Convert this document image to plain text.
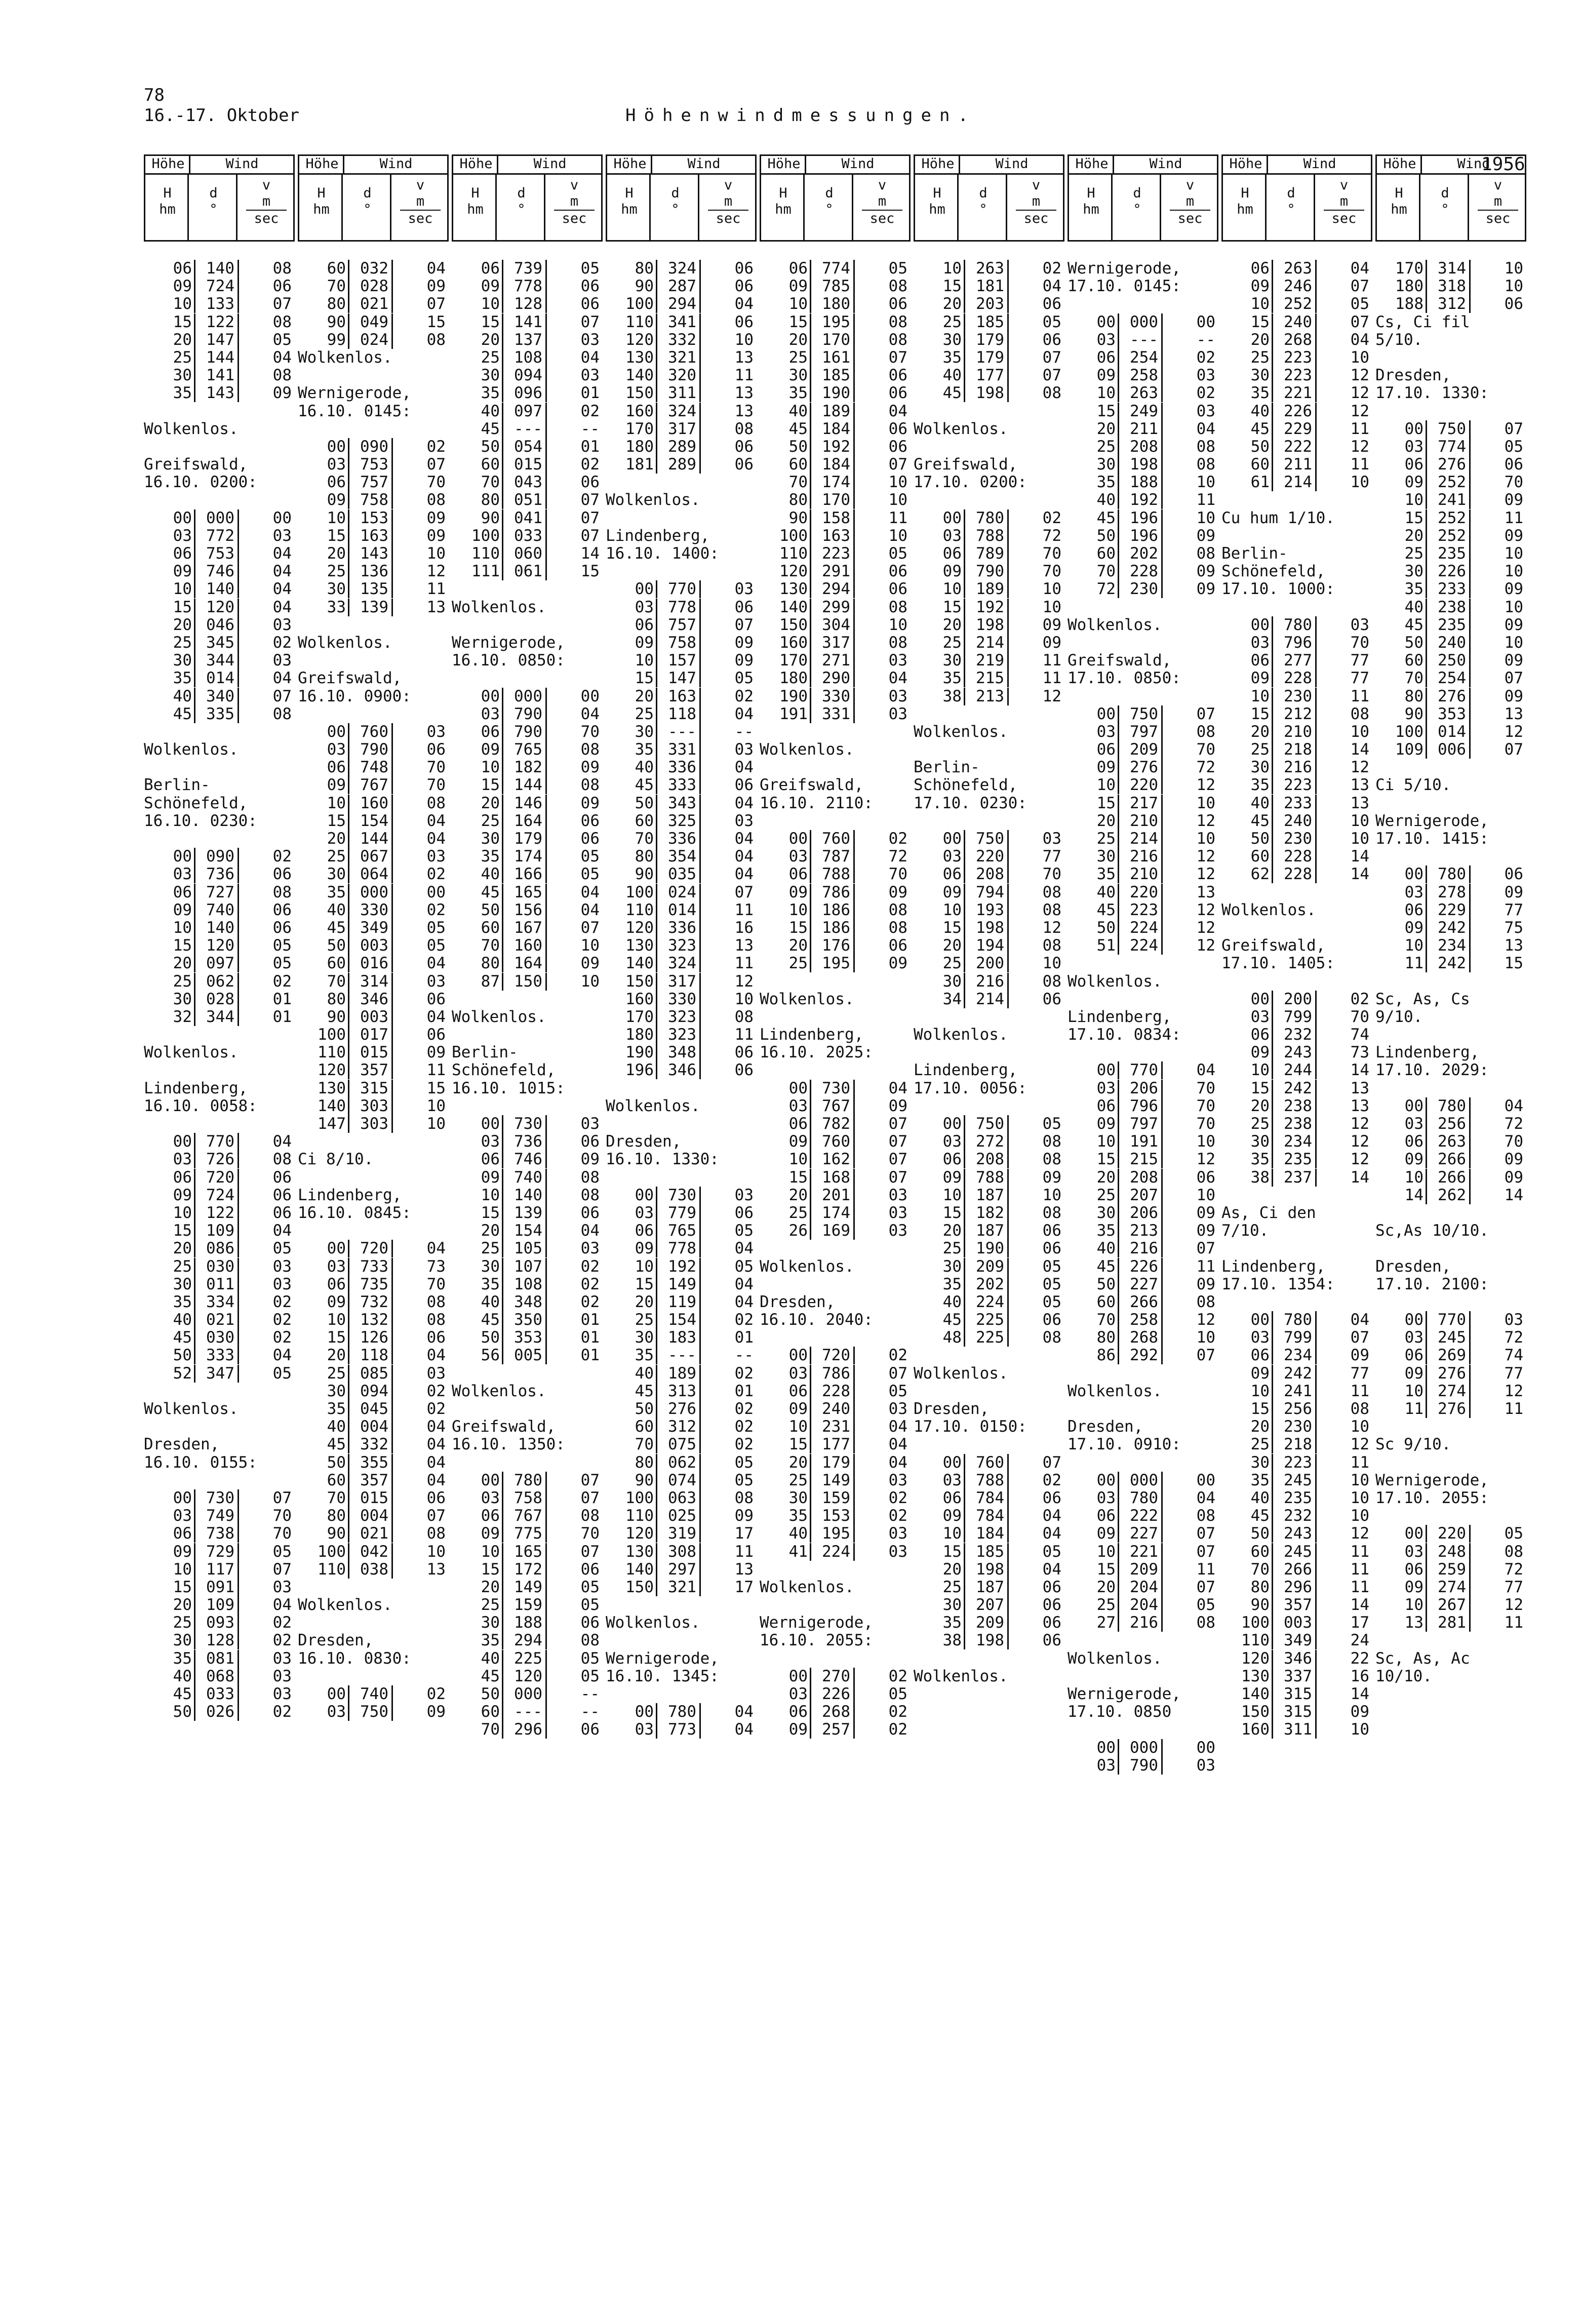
78
16.-17. Oktober	Höhenwindmessungen.
1956
Höhe	Wind
H
hm
d
°
v
m
sec
06 140	08
09 724	06
10 133	07
15 122	08
20 147	05
25 144	04
30 141	08
35 143	09
Wolkenlos.
Greifswald,
16.10. 0200:
00 000	00
03 772	03
06 753	04
09 746	04
10 140	04
15 120	04
20 046	03
25 345	02
30 344	03
35 014	04
40 340	07
45 335	08
Wolkenlos.
Berlin-
Schönefeld,
16.10. 0230:
00 090	02
03 736	06
06 727	08
09 740	06
10 140	06
15 120	05
20 097	05
25 062	02
30 028	01
32 344	01
Wolkenlos.
Lindenberg,
16.10. 0058:
00 770	04
03 726	08
06 720	06
09 724	06
10 122	06
15 109	04
20 086	05
25 030	03
30 011	03
35 334	02
40 021	02
45 030	02
50 333	04
52 347	05
Wolkenlos.
Dresden,
16.10. 0155:
00 730	07
03 749	70
06 738	70
09 729	05
10 117	07
15 091	03
20 109	04
25 093	02
30 128	02
35 081	03
40 068	03
45 033	03
50 026	02
Höhe	Wind
H
hm
d
°
v
m
sec
60 032	04
70 028	09
80 021	07
90 049	15
99 024	08
Wolkenlos.
Wernigerode,
16.10. 0145:
00 090	02
03 753	07
06 757	70
09 758	08
10 153	09
15 163	09
20 143	10
25 136	12
30 135	11
33 139	13
Wolkenlos.
Greifswald,
16.10. 0900:
00 760	03
03 790	06
06 748	70
09 767	70
10 160	08
15 154	04
20 144	04
25 067	03
30 064	02
35 000	00
40 330	02
45 349	05
50 003	05
60 016	04
70 314	03
80 346	06
90 003	04
100 017	06
110 015	09
120 357	11
130 315	15
140 303	10
147 303	10
Ci 8/10.
Lindenberg,
16.10. 0845:
00 720	04
03 733	73
06 735	70
09 732	08
10 132	08
15 126	06
20 118	04
25 085	03
30 094	02
35 045	02
40 004	04
45 332	04
50 355	04
60 357	04
70 015	06
80 004	07
90 021	08
100 042	10
110 038	13
Wolkenlos.
Dresden,
16.10. 0830:
00 740	02
03 750	09
Höhe	Wind
H
hm
d
°
v
m
sec
06 739	05
09 778	06
10 128	06
15 141	07
20 137	03
25 108	04
30 094	03
35 096	01
40 097	02
45 ---	--
50 054	01
60 015	02
70 043	06
80 051	07
90 041	07
100 033	07
110 060	14
111 061	15
Wolkenlos.
Wernigerode,
16.10. 0850:
00 000	00
03 790	04
06 790	70
09 765	08
10 182	09
15 144	08
20 146	09
25 164	06
30 179	06
35 174	05
40 166	05
45 165	04
50 156	04
60 167	07
70 160	10
80 164	09
87 150	10
Wolkenlos.
Berlin-
Schönefeld,
16.10. 1015:
00 730	03
03 736	06
06 746	09
09 740	08
10 140	08
15 139	06
20 154	04
25 105	03
30 107	02
35 108	02
40 348	02
45 350	01
50 353	01
56 005	01
Wolkenlos.
Greifswald,
16.10. 1350:
00 780	07
03 758	07
06 767	08
09 775	70
10 165	07
15 172	06
20 149	05
25 159	05
30 188	06
35 294	08
40 225	05
45 120	05
50 000	--
60 ---	--
70 296	06
Höhe	Wind
H
hm
d
°
v
m
sec
80 324	06
90 287	06
100 294	04
110 341	06
120 332	10
130 321	13
140 320	11
150 311	13
160 324	13
170 317	08
180 289	06
181 289	06
Wolkenlos.
Lindenberg,
16.10. 1400:
00 770	03
03 778	06
06 757	07
09 758	09
10 157	09
15 147	05
20 163	02
25 118	04
30 ---	--
35 331	03
40 336	04
45 333	06
50 343	04
60 325	03
70 336	04
80 354	04
90 035	04
100 024	07
110 014	11
120 336	16
130 323	13
140 324	11
150 317	12
160 330	10
170 323	08
180 323	11
190 348	06
196 346	06
Wolkenlos.
Dresden,
16.10. 1330:
00 730	03
03 779	06
06 765	05
09 778	04
10 192	05
15 149	04
20 119	04
25 154	02
30 183	01
35 ---	--
40 189	02
45 313	01
50 276	02
60 312	02
70 075	02
80 062	05
90 074	05
100 063	08
110 025	09
120 319	17
130 308	11
140 297	13
150 321	17
Wolkenlos.
Wernigerode,
16.10. 1345:
00 780	04
03 773	04
Höhe	Wind
H
hm
d
°
v
m
sec
06 774	05
09 785	08
10 180	06
15 195	08
20 170	08
25 161	07
30 185	06
35 190	06
40 189	04
45 184	06
50 192	06
60 184	07
70 174	10
80 170	10
90 158	11
100 163	10
110 223	05
120 291	06
130 294	06
140 299	08
150 304	10
160 317	08
170 271	03
180 290	04
190 330	03
191 331	03
Wolkenlos.
Greifswald,
16.10. 2110:
00 760	02
03 787	72
06 788	70
09 786	09
10 186	08
15 186	08
20 176	06
25 195	09
Wolkenlos.
Lindenberg,
16.10. 2025:
00 730	04
03 767	09
06 782	07
09 760	07
10 162	07
15 168	07
20 201	03
25 174	03
26 169	03
Wolkenlos.
Dresden,
16.10. 2040:
00 720	02
03 786	07
06 228	05
09 240	03
10 231	04
15 177	04
20 179	04
25 149	03
30 159	02
35 153	02
40 195	03
41 224	03
Wolkenlos.
Wernigerode,
16.10. 2055:
00 270	02
03 226	05
06 268	02
09 257	02
Höhe	Wind
H
hm
d
°
v
m
sec
10 263	02
15 181	04
20 203	06
25 185	05
30 179	06
35 179	07
40 177	07
45 198	08
Wolkenlos.
Greifswald,
17.10. 0200:
00 780	02
03 788	72
06 789	70
09 790	70
10 189	10
15 192	10
20 198	09
25 214	09
30 219	11
35 215	11
38 213	12
Wolkenlos.
Berlin-
Schönefeld,
17.10. 0230:
00 750	03
03 220	77
06 208	70
09 794	08
10 193	08
15 198	12
20 194	08
25 200	10
30 216	08
34 214	06
Wolkenlos.
Lindenberg,
17.10. 0056:
00 750	05
03 272	08
06 208	08
09 788	09
10 187	10
15 182	08
20 187	06
25 190	06
30 209	05
35 202	05
40 224	05
45 225	06
48 225	08
Wolkenlos.
Dresden,
17.10. 0150:
00 760	07
03 788	02
06 784	06
09 784	04
10 184	04
15 185	05
20 198	04
25 187	06
30 207	06
35 209	06
38 198	06
Wolkenlos.
Höhe	Wind
H
hm
d
°
v
m
sec
Wernigerode,
17.10. 0145:
00 000	00
03 ---	--
06 254	02
09 258	03
10 263	02
15 249	03
20 211	04
25 208	08
30 198	08
35 188	10
40 192	11
45 196	10
50 196	09
60 202	08
70 228	09
72 230	09
Wolkenlos.
Greifswald,
17.10. 0850:
00 750	07
03 797	08
06 209	70
09 276	72
10 220	12
15 217	10
20 210	12
25 214	10
30 216	12
35 210	12
40 220	13
45 223	12
50 224	12
51 224	12
Wolkenlos.
Lindenberg,
17.10. 0834:
00 770	04
03 206	70
06 796	70
09 797	70
10 191	10
15 215	12
20 208	06
25 207	10
30 206	09
35 213	09
40 216	07
45 226	11
50 227	09
60 266	08
70 258	12
80 268	10
86 292	07
Wolkenlos.
Dresden,
17.10. 0910:
00 000	00
03 780	04
06 222	08
09 227	07
10 221	07
15 209	11
20 204	07
25 204	05
27 216	08
Wolkenlos.
Wernigerode,
17.10. 0850
00 000	00
03 790	03
Höhe	Wind
H
hm
d
°
v
m
sec
06 263	04
09 246	07
10 252	05
15 240	07
20 268	04
25 223	10
30 223	12
35 221	12
40 226	12
45 229	11
50 222	12
60 211	11
61 214	10
Cu hum 1/10.
Berlin-
Schönefeld,
17.10. 1000:
00 780	03
03 796	70
06 277	77
09 228	77
10 230	11
15 212	08
20 210	10
25 218	14
30 216	12
35 223	13
40 233	13
45 240	10
50 230	10
60 228	14
62 228	14
Wolkenlos.
Greifswald,
17.10. 1405:
00 200	02
03 799	70
06 232	74
09 243	73
10 244	14
15 242	13
20 238	13
25 238	12
30 234	12
35 235	12
38 237	14
As, Ci den
7/10.
Lindenberg,
17.10. 1354:
00 780	04
03 799	07
06 234	09
09 242	77
10 241	11
15 256	08
20 230	10
25 218	12
30 223	11
35 245	10
40 235	10
45 232	10
50 243	12
60 245	11
70 266	11
80 296	11
90 357	14
100 003	17
110 349	24
120 346	22
130 337	16
140 315	14
150 315	09
160 311	10
Höhe	Wind
H
hm
d
°
v
m
sec
170 314	10
180 318	10
188 312	06
Cs, Ci fil
5/10.
Dresden,
17.10. 1330:
00 750	07
03 774	05
06 276	06
09 252	70
10 241	09
15 252	11
20 252	09
25 235	10
30 226	10
35 233	09
40 238	10
45 235	09
50 240	10
60 250	09
70 254	07
80 276	09
90 353	13
100 014	12
109 006	07
Ci 5/10.
Wernigerode,
17.10. 1415:
00 780	06
03 278	09
06 229	77
09 242	75
10 234	13
11 242	15
Sc, As, Cs
9/10.
Lindenberg,
17.10. 2029:
00 780	04
03 256	72
06 263	70
09 266	09
10 266	09
14 262	14
Sc,As 10/10.
Dresden,
17.10. 2100:
00 770	03
03 245	72
06 269	74
09 276	77
10 274	12
11 276	11
Sc 9/10.
Wernigerode,
17.10. 2055:
00 220	05
03 248	08
06 259	72
09 274	77
10 267	12
13 281	11
Sc, As, Ac
10/10.
